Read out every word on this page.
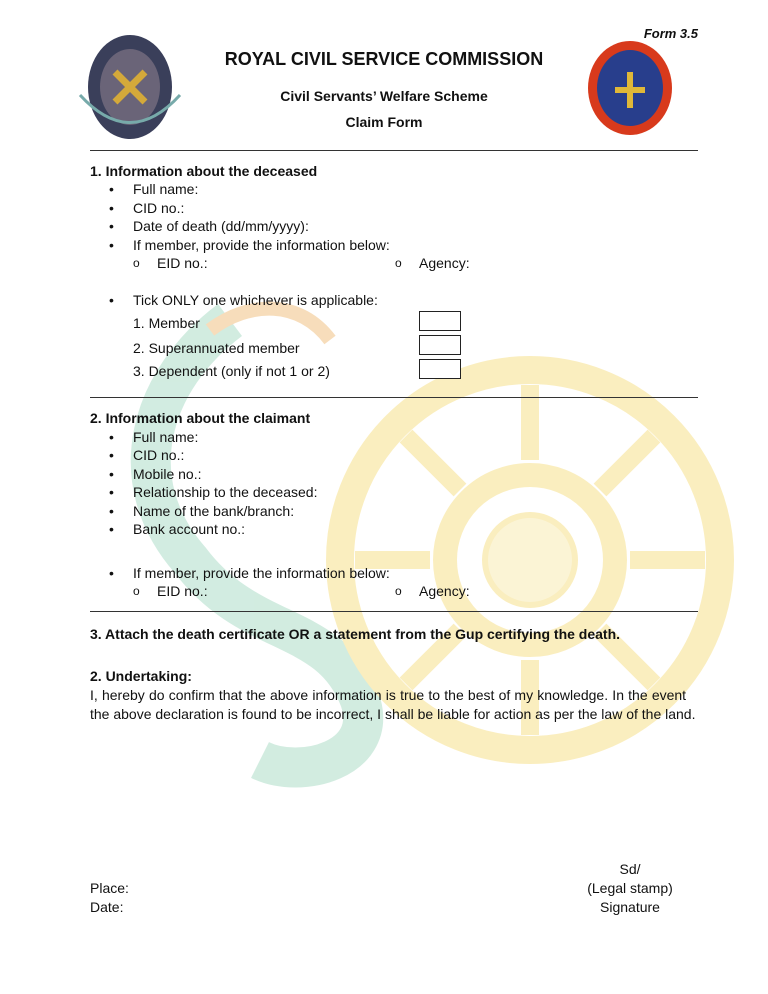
Form 3.5
ROYAL CIVIL SERVICE COMMISSION
Civil Servants’ Welfare Scheme
Claim Form
1. Information about the deceased
• Full name:
• CID no.:
• Date of death (dd/mm/yyyy):
• If member, provide the information below:
o EID no.:	o Agency:
• Tick ONLY one whichever is applicable:
1. Member
2. Superannuated member
3. Dependent (only if not 1 or 2)
2. Information about the claimant
• Full name:
• CID no.:
• Mobile no.:
• Relationship to the deceased:
• Name of the bank/branch:
• Bank account no.:
• If member, provide the information below:
o EID no.:	o Agency:
3. Attach the death certificate OR a statement from the Gup certifying the death.
2. Undertaking:
I, hereby do confirm that the above information is true to the best of my knowledge. In the event
the above declaration is found to be incorrect, I shall be liable for action as per the law of the land.
Place:
Date:
Sd/
(Legal stamp)
Signature
